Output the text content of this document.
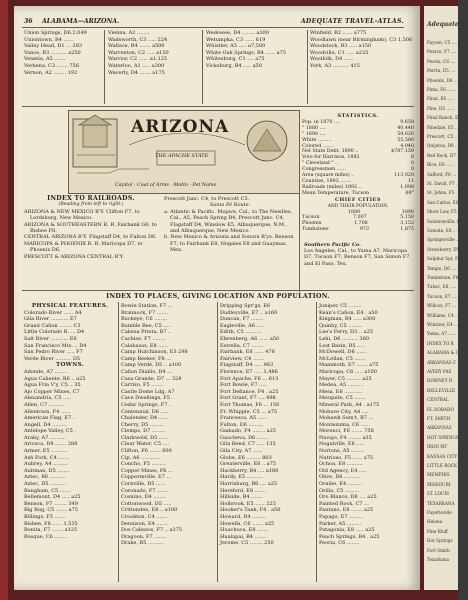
36 ALABAMA—ARIZONA.	ADEQUATE TRAVEL-ATLAS.
Union Springs, D6.2,049
Uniontown, B4 ......
Valley Head, D1 ... 283
Vance, B3 .......... a250
Venetia, A5 .......
Verbena, C3 ....... 756
Vernon, A2 ........ 192
Vienna, A2 ........
Wadsworth, C3 ..... 224
Wallace, B4 ....... a500
Warrenton, C2 ..... a150
Warrior, C2 ...... a1,125
Waterloo, A1 ..... a300
Waverly, D4 ....... a175
Wedowee, D4 ........ a300
Wetumpka, C3 ...... 619
Whistler, A5 ..... a7,500
White Oak Springs, B4 ...... a75
Whitesburg, C1 .... a75
Vicksburg, B4 ..... a50
Winfield, B2 ...... a775
Woodlawn (near Birmingham), C3 1,506
Woodstock, B3 ..... a150
Woodville, C1 ..... a225
Woolfolk, D4 ......
York, A3 .......... 415
ARIZONA
THE APACHE STATE
Capitol · Coat of Arms · Motto · Pet Name
STATISTICS.
Pop. in 1870 ....	9,658
" 1880 ....	40,440
" 1890 ....	59,620
White .........	55,580
Colored .......	4,040
Net State Debt, 1890 ..	$787,150
Vote for Harrison, 1892	6
" Cleveland " ..	0
Congressmen ......	0
Area (square miles) ..	113,020
Counties, 1892 .......	11
Railroads (miles) 1892 ..	1,098
Mean Temperature, Tucson	69°
CHIEF CITIES
AND THEIR POPULATION.
1880	1890
Tucson	7,007	5,150
Phoenix	1,708	3,152
Tombstone	973	1,875
INDEX TO RAILROADS.
(Reading from left to right.)
ARIZONA & NEW MEXICO R'Y. Clifton F7, to Lordsburg, New Mexico.
ARIZONA & SOUTHEASTERN R. R. Fairbank G6, to Bisbee F8.
CENTRAL ARIZONA R'Y. Flagstaff D4, to Fulton D6.
MARICOPA & PHOENIX R. R. Maricopa D7, to Phoenix D6.
PRESCOTT & ARIZONA CENTRAL R'Y.
Prescott Junc. C4, to Prescott C5.
Santa Fé Route.
a. Atlantic & Pacific. Mojave, Cal., to The Needles, Cal., A5, Peach Spring B4, Prescott Junc. C4, Flagstaff D4, Winslow E5, Albuquerque, N.M., and Albuquerque, New Mexico.
b. New Mexico & Arizona and Sonora R'ys. Benson F7, to Fairbank E8, Nogales E8 and Guaymas, Mex.
Southern Pacific Co.
Los Angeles, Cal., to Yuma A7, Maricopa D7, Tucson F7, Benson F7, San Simon F7 and El Paso, Tex.
INDEX TO PLACES, GIVING LOCATION AND POPULATION.
PHYSICAL FEATURES.
Colorado River ...... A4
Gila River ........... E7
Grand Cañon ........ C3
Little Colorado R. ... D4
Salt River ........... E6
San Francisco Mts. .. D4
San Pedro River ..... F7
Verde River .......... D5
TOWNS.
Adonde, A7 ........
Agua Caliente, B6 .. a25
Agua Fria V'y, C5 .. 35
Ajo Copper Mines, C7
Alexandria, C5 .....
Allen, C7 ..........
Allentown, F4 ......
American Flag, E7 ..
Angell, D4 .........
Antelope Valley, C5 .
Araby, A7 ..........
Arivaca, D8 ....... 288
Armer, E5 ..........
Ash Fork, C4 .......
Aubrey, A4 .........
Aultman, D5 ........
Aztec, B6 ..........
Aztec, D5 ..........
Bangham, C5 .......
Bellemont, D4 ..... a25
Benson, F7 ........ 349
Big Bug, C5 ....... a75
Billings, F5 .......
Bisbee, F8 ...... 1,535
Bonita, F7 ....... a125
Bosque, C6 ........
Bowie Station, F7 ...
Brannock, F7 .......
Buckeye, C6 ........
Bumble Bee, C5 .....
Cabeza Prieta, B7 ..
Cachise, F7 ........
Calabasas, E8 ......
Camp Hutchinson, E3 298
Camp Reeker, F8 ...
Camp Verde, D5 .. a100
Cañon Diablo, D4 ...
Casa Grande, D7 ... 328
Carrizo, F5 ........
Castle Dome Ldg, A7
Cave Dwellings, F5 .
Cedar Springs, F7 ..
Centennial, D6 .....
Chalender, D4 ......
Cherry, D5 .........
Clemps, D7 .........
Clarkwold, D5 ......
Clear Water, C5 ....
Clifton, F6 ....... 600
Cip, A6 ............
Concho, F5 .........
Copper Mines, F6 ...
Coppermville, E7 ...
Cornville, D5 ......
Coronado, F7 .......
Cosnino, D4 ........
Cottonwood, D5 .....
Crittenden, E8 .. a100
Crookton, C4 .......
Dennison, E4 .......
Dos Cabezos, F7 .. a375
Dragoon, F7 ........
Drake, B5 ..........
Dripping Spr'gs, E6
Dudleyville, E7 .. a160
Duncan, F7 ........
Eagleville, A6 .....
Edith, C5 ..........
Ehrenberg, A6 ...... a50
Estrella, C7 .......
Fairbank, E8 ...... 478
Fairview, C4 .......
Flagstaff, D4 ..... 963
Florence, E7 ..... 1,486
Fort Apache, F6 ... 613
Fort Bowie, F7 .....
Fort Defiance, F4 . a25
Fort Grant, F7 .... 498
Fort Thomas, F6 ... 156
Ft. Whipple, C5 ... a75
Francesca, A5 ......
Fulton, D6 .........
Gamado, F4 ........ a25
Gaucheva, D6 .......
Gila Bend, C7 ..... 135
Gila City, A7 ......
Globe, E6 ......... 803
Greaterville, E8 .. a75
Hackberry, B4 .... a160
Hardy, E5 ..........
Harrisburg, B6 .... a25
Hereford, E8 .......
Hillside, B4 .......
Holbrook, E5 ...... 225
Hooker's Tank, F4 . a50
Howard, D4 .........
Howells, C6 ....... a25
Huachuca, E8 .......
Hualapai, B4 .......
Jerome, C5 ........ 250
Juniper, C5 ........
Kean's Cañon, E4 . a50
Kingman, B4 ..... a300
Quinby, C5 .........
Lee's Ferry, D3 .. a25
Lehi, D6 .......... 360
Lost Basin, B5 .....
McDowell, D6 .......
McLellan, C5 .......
Mammoth, E7 ....... a75
Maricopa, C6 ..... a100
Mayer, C5 ......... a25
Medea, A5 ..........
Mesa, E6 ...........
Mesquite, C5 .......
Mineral Park, A4 . a175
Mohave City, A4 ....
Mohawk Sum't, B7 ...
Montezuma, C6 ......
Morenci, F6 ....... 758
Navajo, F4 ........ a35
Nogalville, E6 .....
Nortons, A5 ........
Nutrioso, F5 ...... a75
Ochoa, E8 ..........
Old Agency, E4 .....
Olive, D6 ..........
Oraibe, E4 .........
Orilla, C5 .........
Oro Blanco, D8 .... a25
Painted Rock, C7 ...
Pantano, E8 ....... a25
Papago, E7 .........
Parker, A5 .........
Patagonia, E8 ..... a25
Peach Springs, B4 . a25
Peoria, C6 ........
Adequate Tr
Payson, C5 ....
Pearce, F7 ....
Peoria, C6 ....
Perrin, D5 ....
Phoenix, D6 ...
Pima, F6 ......
Pinal, E6 .....
Pine, D5 ......
Pinal Ranch, E6
Pinedale, E5 ..
Prescott, C5 ..
Quijotoa, D8 ..
Red Rock, D7 ..
Rice, E6 ......
Safford, F6 ...
St. David, F7 .
St. Johns, F5 .
San Carlos, E6
Show Low, F5 ..
Solomonville, F7
Sonoita, E8 ...
Springerville ..
Strawberry, D5
Sulphur Spr, F7
Tempe, D6 .....
Tombstone, F8 .
Tubac, E8 .....
Tucson, E7 ....
Willcox, F7 ...
Williams, C4 ..
Winslow, E4 ...
Yuma, A7 ......
INDEX TO R
ALABAMA & C
ARKANSAS C
AVERY PAS
DOWNEY R
BELLEVILLE
CENTRAL
EL DORADO
FT. SMITH
ARKANSAS
HOT SPRINGS
IRON MT
KANSAS CITY
LITTLE ROCK
MEMPHIS
MISSOURI
ST. LOUIS
TEXARKANA
Fayetteville
Helena
Pine Bluff
Hot Springs
Fort Smith
Texarkana
